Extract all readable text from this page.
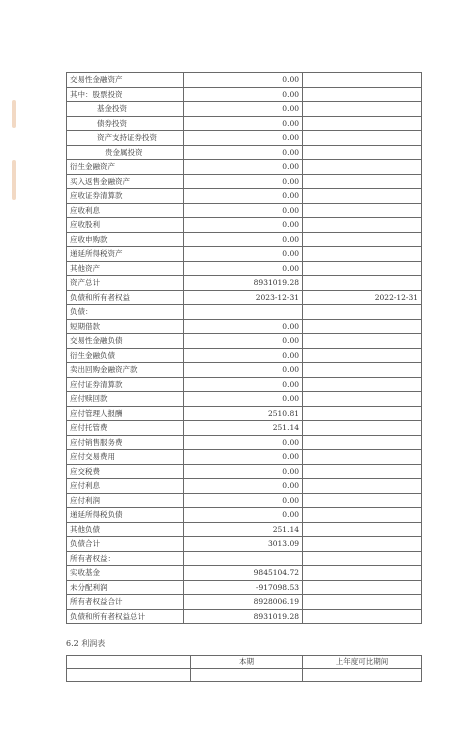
交易性金融资产	0.00	
其中：股票投资	0.00	
基金投资	0.00	
债券投资	0.00	
资产支持证券投资	0.00	
贵金属投资	0.00	
衍生金融资产	0.00	
买入返售金融资产	0.00	
应收证券清算款	0.00	
应收利息	0.00	
应收股利	0.00	
应收申购款	0.00	
递延所得税资产	0.00	
其他资产	0.00	
资产总计	8931019.28	
负债和所有者权益	2023-12-31	2022-12-31
负债：		
短期借款	0.00	
交易性金融负债	0.00	
衍生金融负债	0.00	
卖出回购金融资产款	0.00	
应付证券清算款	0.00	
应付赎回款	0.00	
应付管理人报酬	2510.81	
应付托管费	251.14	
应付销售服务费	0.00	
应付交易费用	0.00	
应交税费	0.00	
应付利息	0.00	
应付利润	0.00	
递延所得税负债	0.00	
其他负债	251.14	
负债合计	3013.09	
所有者权益：		
实收基金	9845104.72	
未分配利润	-917098.53	
所有者权益合计	8928006.19	
负债和所有者权益总计	8931019.28	
6.2 利润表
	本期	上年度可比期间
